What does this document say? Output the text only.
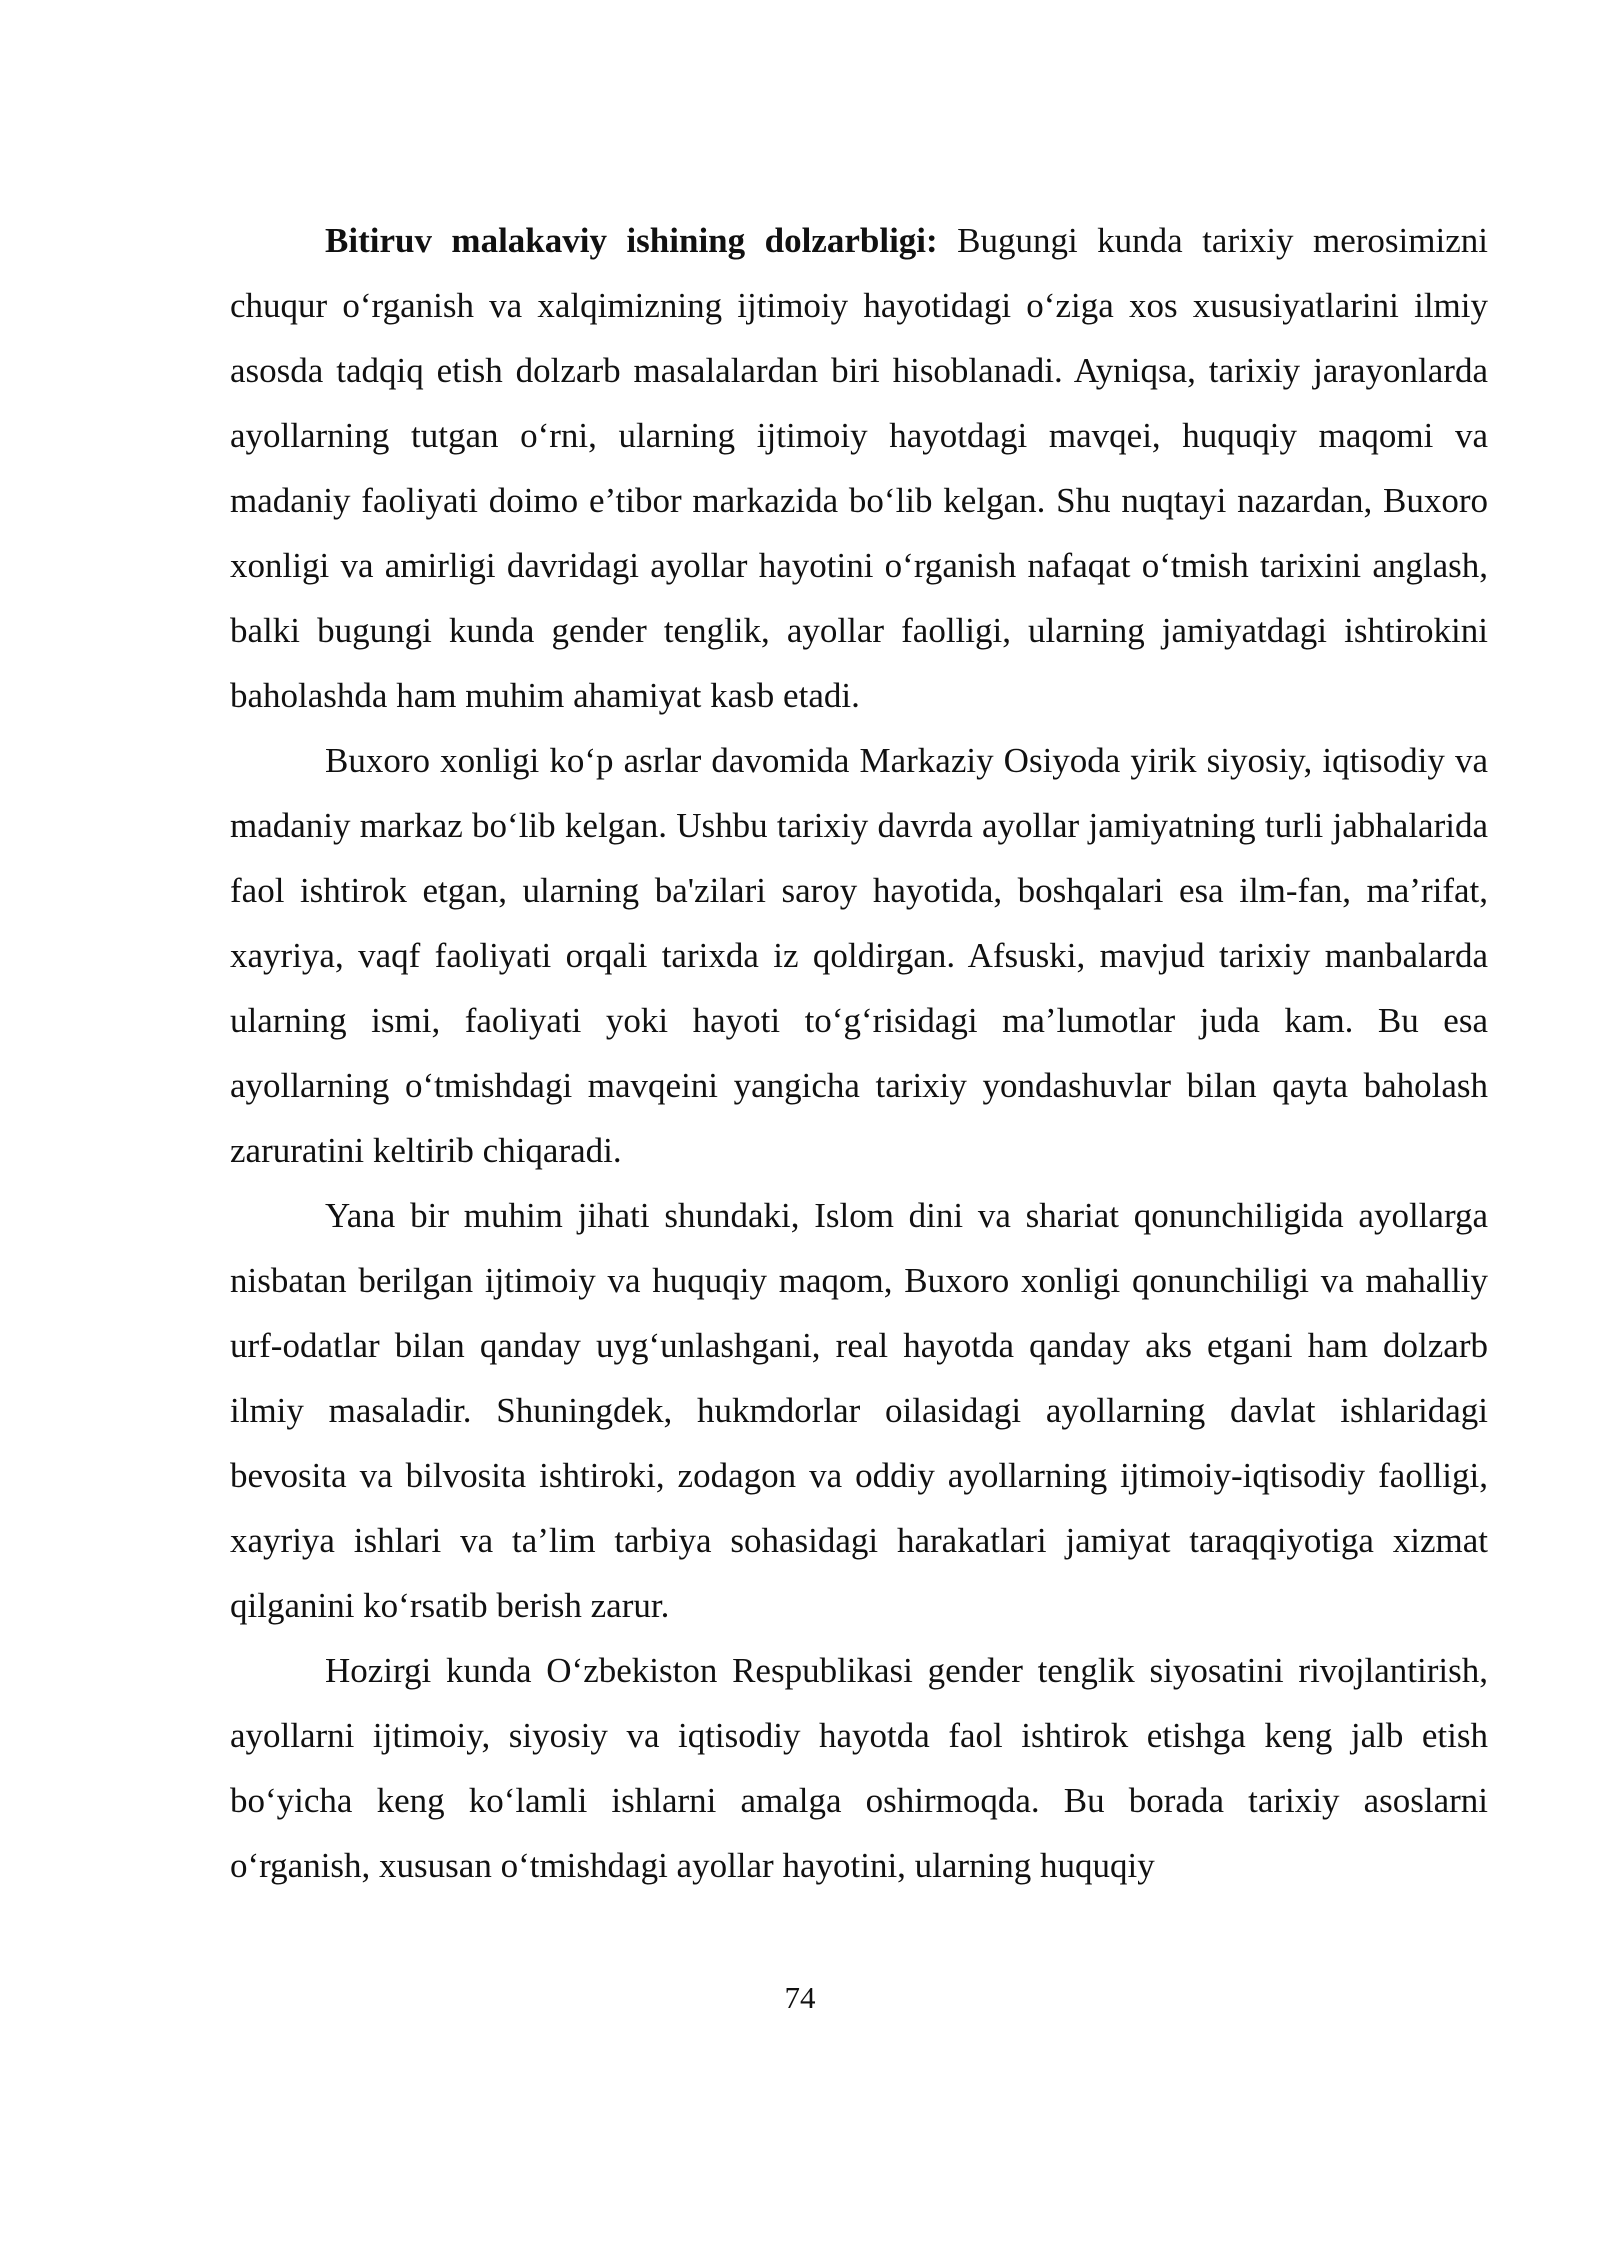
Bitiruv malakaviy ishining dolzarbligi: Bugungi kunda tarixiy merosimizni chuqur o‘rganish va xalqimizning ijtimoiy hayotidagi o‘ziga xos xususiyatlarini ilmiy asosda tadqiq etish dolzarb masalalardan biri hisoblanadi. Ayniqsa, tarixiy jarayonlarda ayollarning tutgan o‘rni, ularning ijtimoiy hayotdagi mavqei, huquqiy maqomi va madaniy faoliyati doimo e’tibor markazida bo‘lib kelgan. Shu nuqtayi nazardan, Buxoro xonligi va amirligi davridagi ayollar hayotini o‘rganish nafaqat o‘tmish tarixini anglash, balki bugungi kunda gender tenglik, ayollar faolligi, ularning jamiyatdagi ishtirokini baholashda ham muhim ahamiyat kasb etadi.

Buxoro xonligi ko‘p asrlar davomida Markaziy Osiyoda yirik siyosiy, iqtisodiy va madaniy markaz bo‘lib kelgan. Ushbu tarixiy davrda ayollar jamiyatning turli jabhalarida faol ishtirok etgan, ularning ba'zilari saroy hayotida, boshqalari esa ilm-fan, ma’rifat, xayriya, vaqf faoliyati orqali tarixda iz qoldirgan. Afsuski, mavjud tarixiy manbalarda ularning ismi, faoliyati yoki hayoti to‘g‘risidagi ma’lumotlar juda kam. Bu esa ayollarning o‘tmishdagi mavqeini yangicha tarixiy yondashuvlar bilan qayta baholash zaruratini keltirib chiqaradi.

Yana bir muhim jihati shundaki, Islom dini va shariat qonunchiligida ayollarga nisbatan berilgan ijtimoiy va huquqiy maqom, Buxoro xonligi qonunchiligi va mahalliy urf-odatlar bilan qanday uyg‘unlashgani, real hayotda qanday aks etgani ham dolzarb ilmiy masaladir. Shuningdek, hukmdorlar oilasidagi ayollarning davlat ishlaridagi bevosita va bilvosita ishtiroki, zodagon va oddiy ayollarning ijtimoiy-iqtisodiy faolligi, xayriya ishlari va ta’lim tarbiya sohasidagi harakatlari jamiyat taraqqiyotiga xizmat qilganini ko‘rsatib berish zarur.

Hozirgi kunda O‘zbekiston Respublikasi gender tenglik siyosatini rivojlantirish, ayollarni ijtimoiy, siyosiy va iqtisodiy hayotda faol ishtirok etishga keng jalb etish bo‘yicha keng ko‘lamli ishlarni amalga oshirmoqda. Bu borada tarixiy asoslarni o‘rganish, xususan o‘tmishdagi ayollar hayotini, ularning huquqiy

74
